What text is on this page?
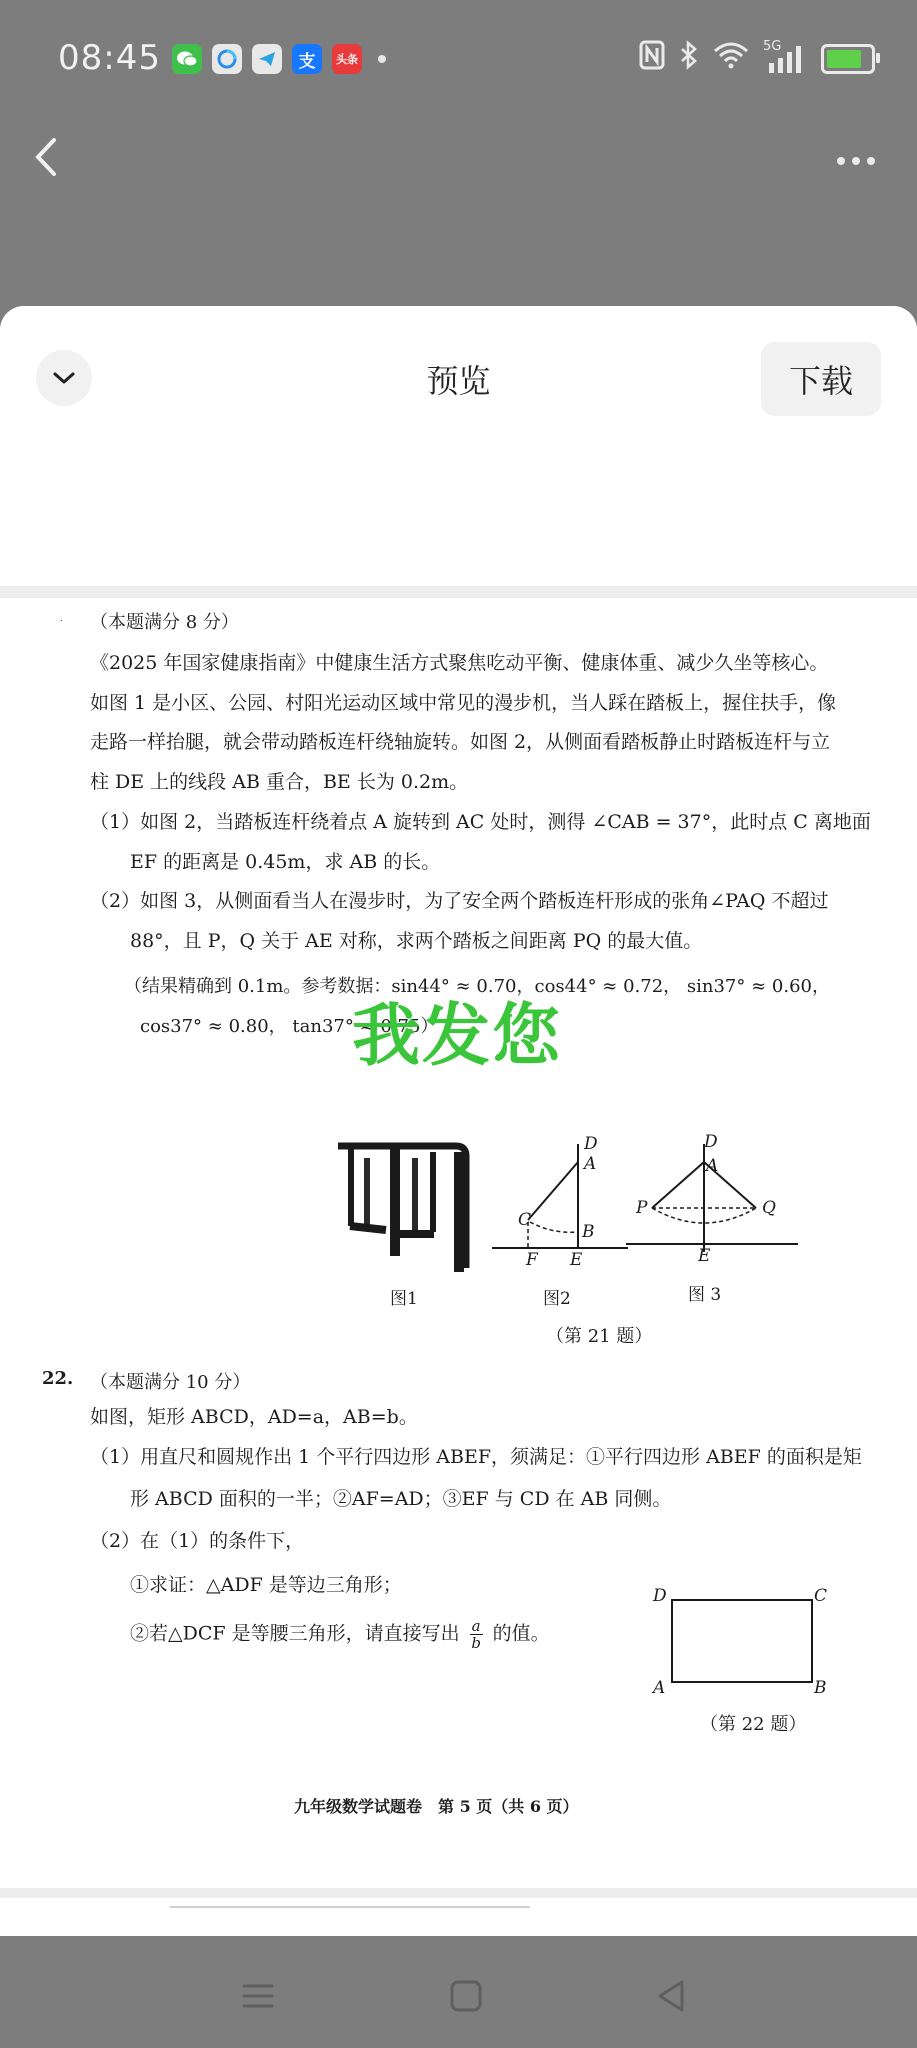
08:45	支	头条
5G
预览	下载
. （本题满分 8 分）
《2025 年国家健康指南》中健康生活方式聚焦吃动平衡、健康体重、减少久坐等核心。
如图 1 是小区、公园、村阳光运动区域中常见的漫步机，当人踩在踏板上，握住扶手，像
走路一样抬腿，就会带动踏板连杆绕轴旋转。如图 2，从侧面看踏板静止时踏板连杆与立
柱 DE 上的线段 AB 重合，BE 长为 0.2m。
（1）如图 2，当踏板连杆绕着点 A 旋转到 AC 处时，测得 ∠CAB = 37°，此时点 C 离地面
EF 的距离是 0.45m，求 AB 的长。
（2）如图 3，从侧面看当人在漫步时，为了安全两个踏板连杆形成的张角∠PAQ 不超过
88°，且 P，Q 关于 AE 对称，求两个踏板之间距离 PQ 的最大值。
（结果精确到 0.1m。参考数据：sin44° ≈ 0.70，cos44° ≈ 0.72， sin37° ≈ 0.60，
cos37° ≈ 0.80， tan37° ≈ 0.75）
图1
D
A
C
B
F E
图2
D
A
P	Q
E
图 3
（第 21 题）
22. （本题满分 10 分）
如图，矩形 ABCD，AD=a，AB=b。
（1）用直尺和圆规作出 1 个平行四边形 ABEF，须满足：①平行四边形 ABEF 的面积是矩
形 ABCD 面积的一半；②AF=AD；③EF 与 CD 在 AB 同侧。
（2）在（1）的条件下，
①求证：△ADF 是等边三角形；
②若△DCF 是等腰三角形，请直接写出 $\frac{a}{b}$ 的值。
D	C
A	B
（第 22 题）
九年级数学试题卷　第 5 页（共 6 页）
我发您
